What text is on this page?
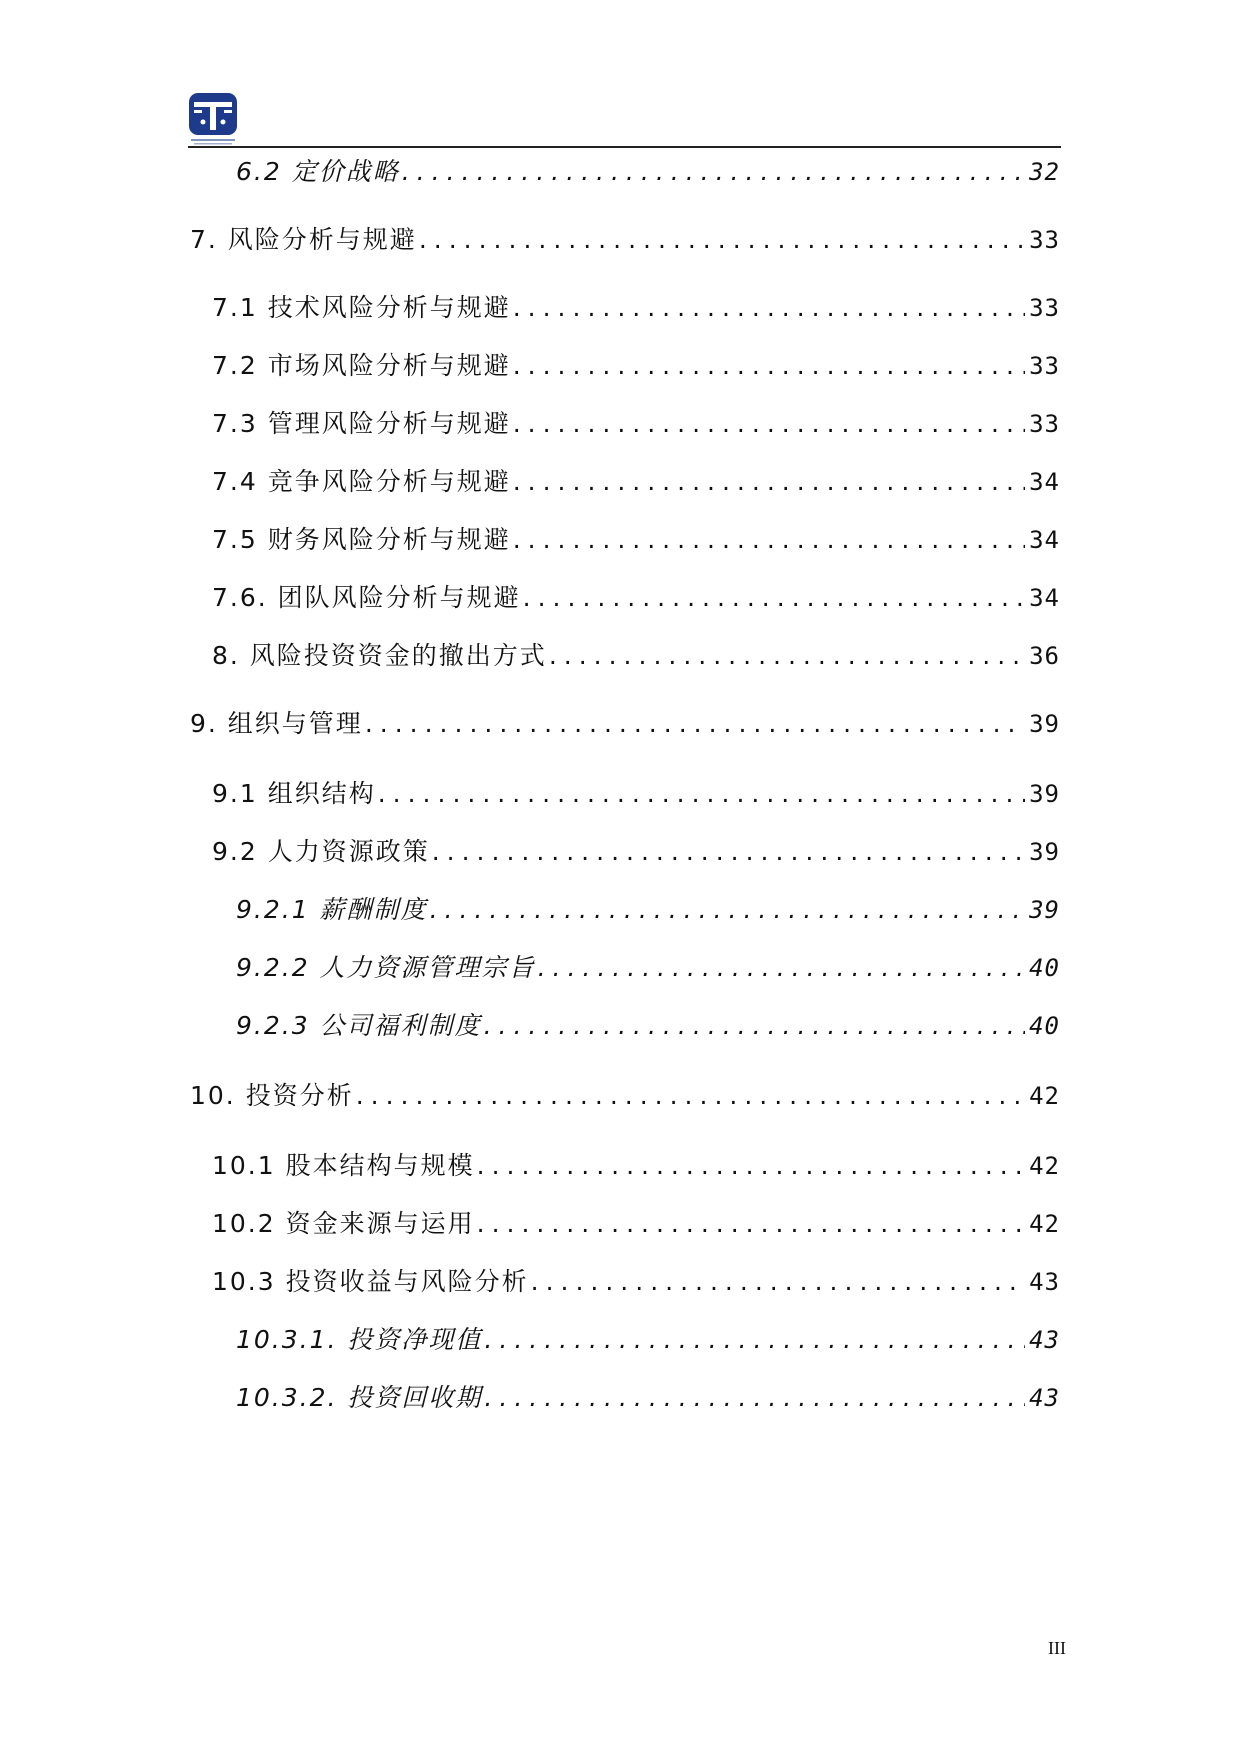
6.2 定价战略 .....	32
7. 风险分析与规避 .....	33
7.1 技术风险分析与规避 .....	33
7.2 市场风险分析与规避 .....	33
7.3 管理风险分析与规避 .....	33
7.4 竞争风险分析与规避 .....	34
7.5 财务风险分析与规避 .....	34
7.6. 团队风险分析与规避 .....	34
8. 风险投资资金的撤出方式 .....	36
9. 组织与管理 .....	39
9.1 组织结构 .....	39
9.2 人力资源政策 .....	39
9.2.1 薪酬制度 .....	39
9.2.2 人力资源管理宗旨 .....	40
9.2.3 公司福利制度 .....	40
10. 投资分析 .....	42
10.1 股本结构与规模 .....	42
10.2 资金来源与运用 .....	42
10.3 投资收益与风险分析 .....	43
10.3.1. 投资净现值 .....	43
10.3.2. 投资回收期 .....	43
III
